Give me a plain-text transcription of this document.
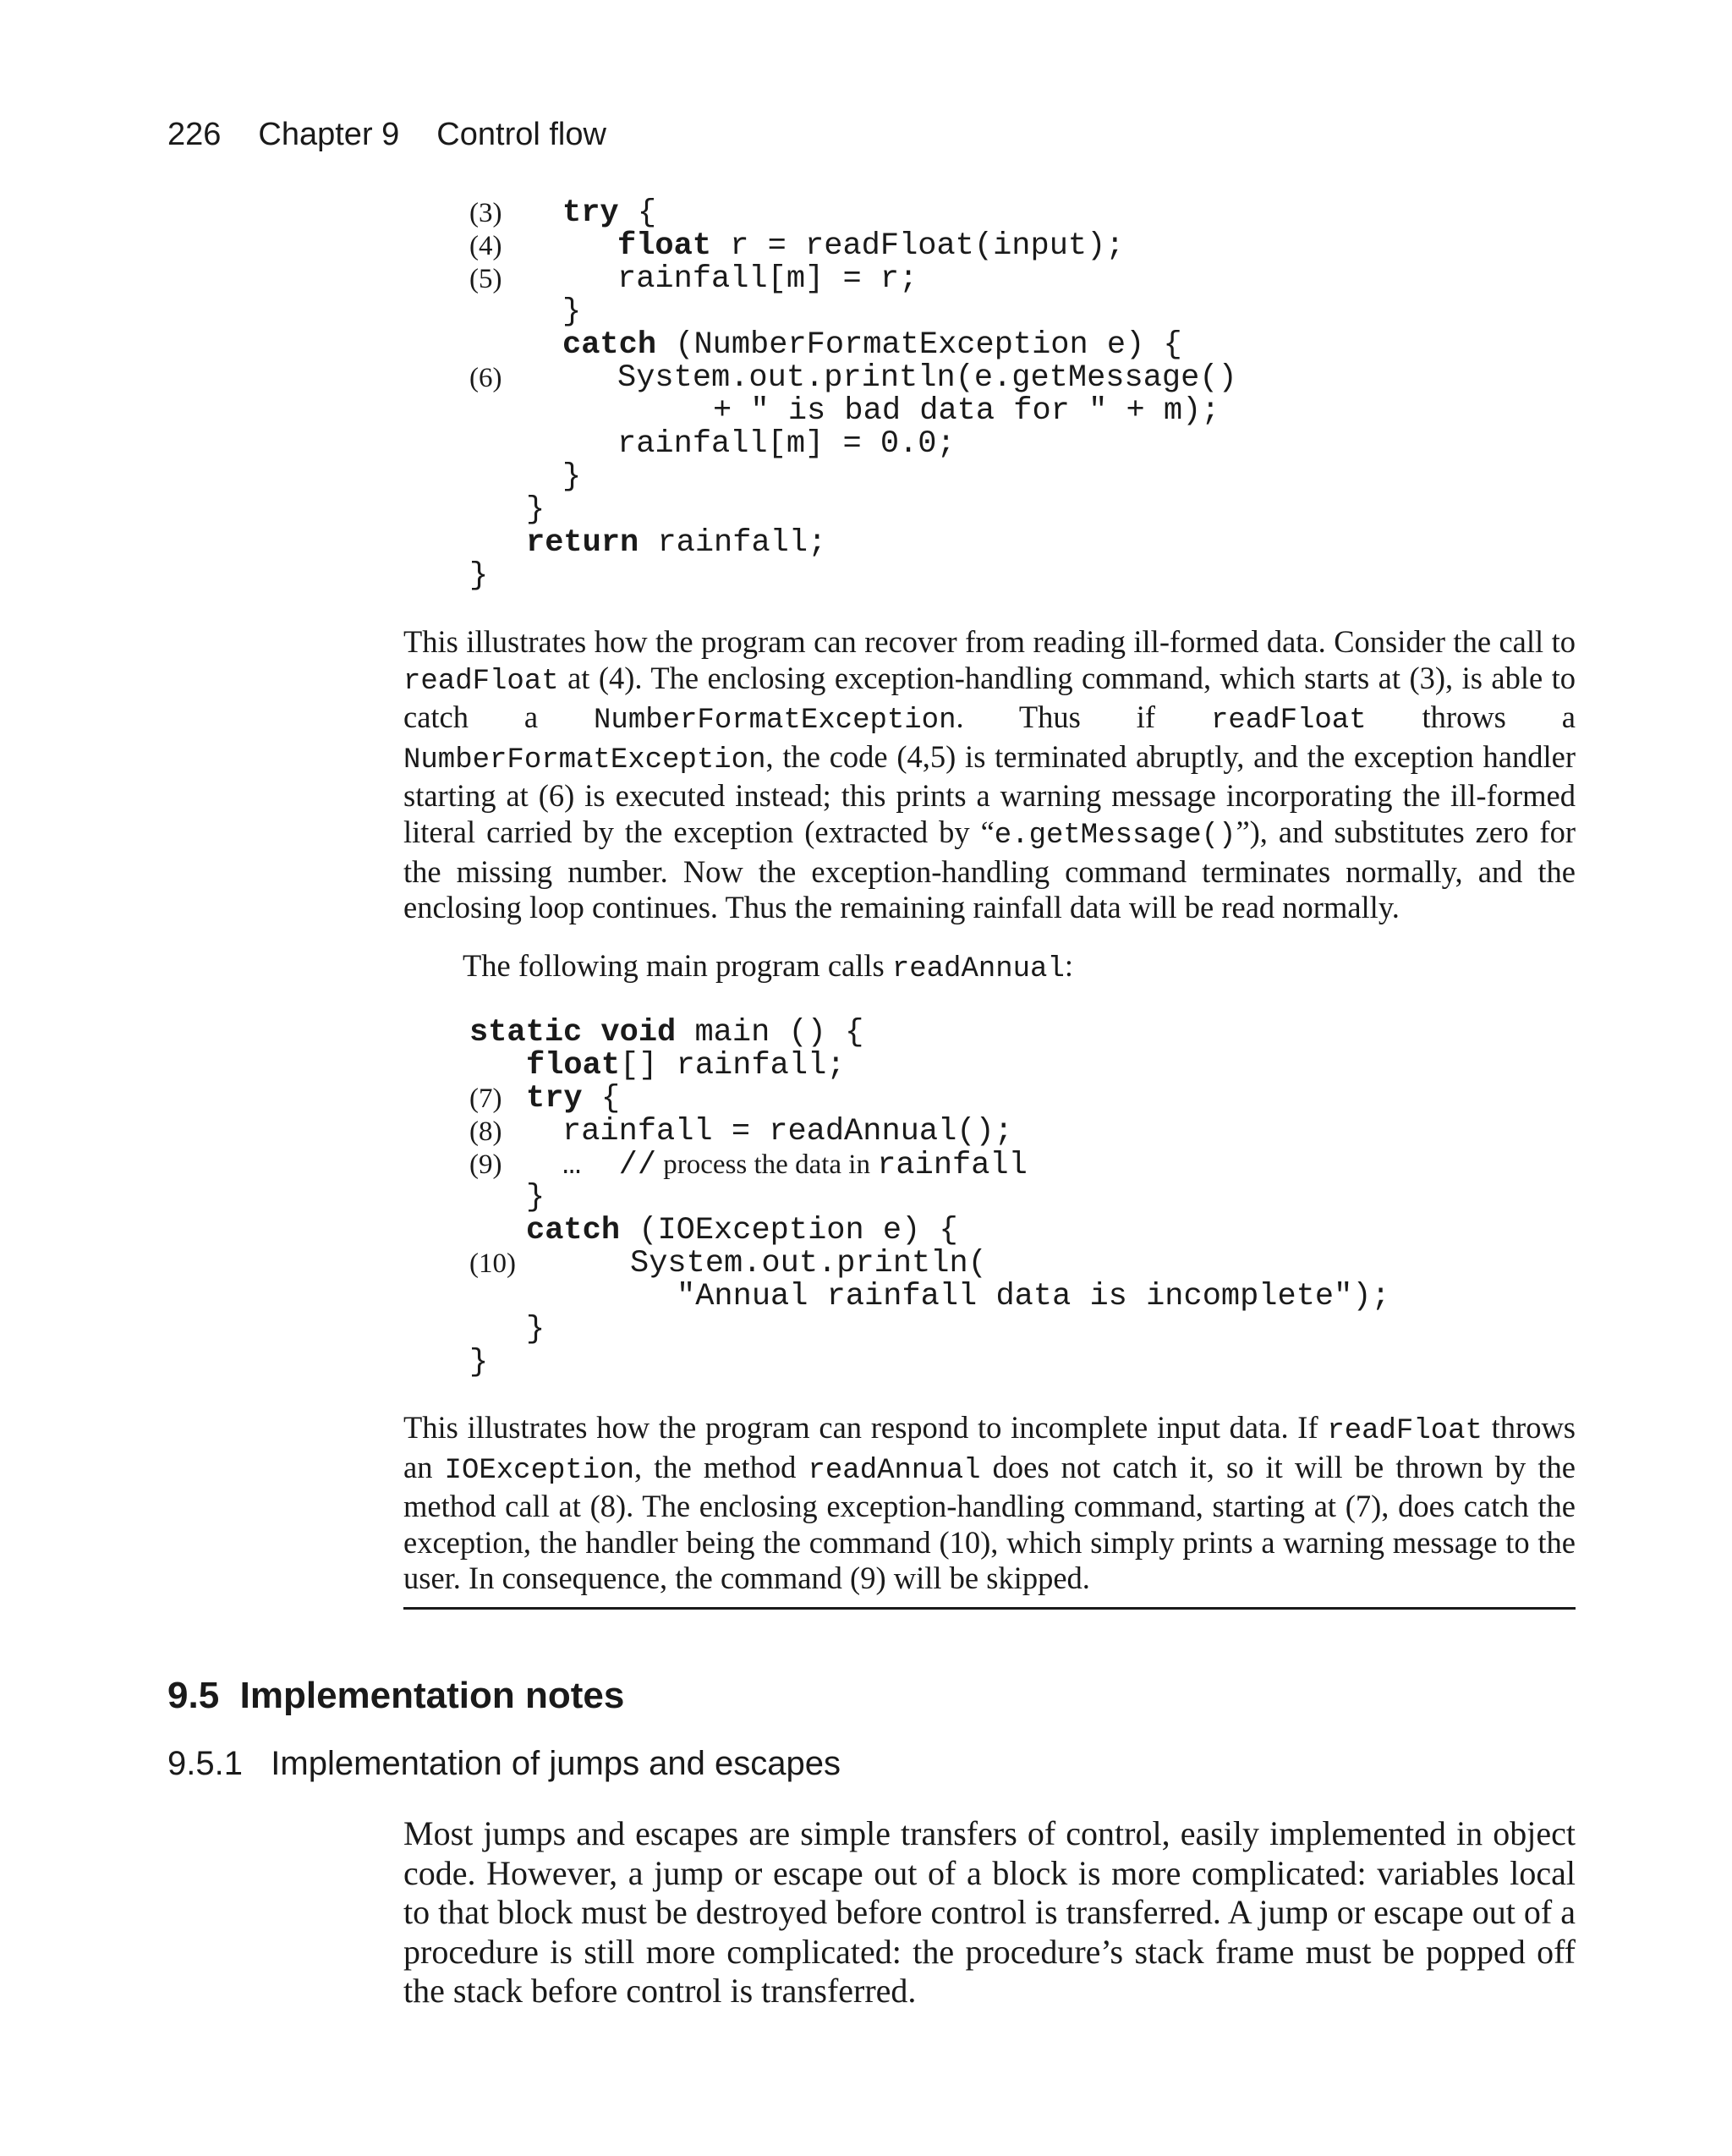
226 Chapter 9 Control flow
(3) try {
(4)	float r = readFloat(input);
(5)	rainfall[m] = r;
}
catch (NumberFormatException e) {
(6)	System.out.println(e.getMessage()
+ " is bad data for " + m);
rainfall[m] = 0.0;
}
}
return rainfall;
}
This illustrates how the program can recover from reading ill-formed data. Consider the call to readFloat at (4). The enclosing exception-handling command, which starts at (3), is able to catch a NumberFormatException. Thus if readFloat throws a NumberFormatException, the code (4,5) is terminated abruptly, and the exception handler starting at (6) is executed instead; this prints a warning message incorporating the ill-formed literal carried by the exception (extracted by “e.getMessage()”), and substitutes zero for the missing number. Now the exception-handling command terminates normally, and the enclosing loop continues. Thus the remaining rainfall data will be read normally.
The following main program calls readAnnual:
static void main () {
float[] rainfall;
(7) try {
(8) rainfall = readAnnual();
(9) …  // process the data in rainfall
}
catch (IOException e) {
(10)	System.out.println(
"Annual rainfall data is incomplete");
}
}
This illustrates how the program can respond to incomplete input data. If readFloat throws an IOException, the method readAnnual does not catch it, so it will be thrown by the method call at (8). The enclosing exception-handling command, starting at (7), does catch the exception, the handler being the command (10), which simply prints a warning message to the user. In consequence, the command (9) will be skipped.
9.5  Implementation notes
9.5.1   Implementation of jumps and escapes
Most jumps and escapes are simple transfers of control, easily implemented in object code. However, a jump or escape out of a block is more complicated: variables local to that block must be destroyed before control is transferred. A jump or escape out of a procedure is still more complicated: the procedure’s stack frame must be popped off the stack before control is transferred.
